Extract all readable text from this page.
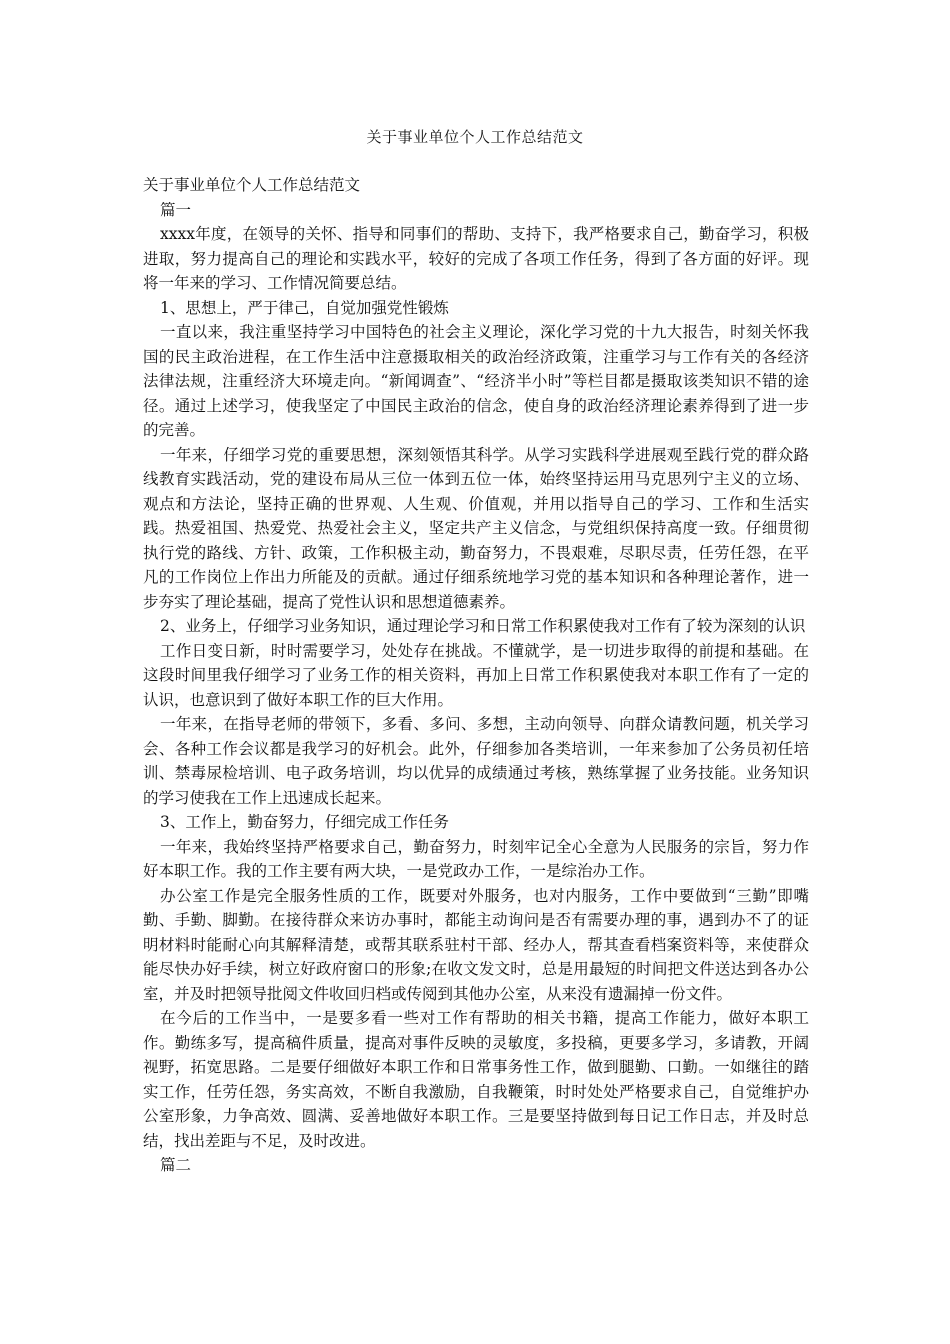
关于事业单位个人工作总结范文

关于事业单位个人工作总结范文

篇一

xxxx年度，在领导的关怀、指导和同事们的帮助、支持下，我严格要求自己，勤奋学习，积极进取，努力提高自己的理论和实践水平，较好的完成了各项工作任务，得到了各方面的好评。现将一年来的学习、工作情况简要总结。

1、思想上，严于律己，自觉加强党性锻炼

一直以来，我注重坚持学习中国特色的社会主义理论，深化学习党的十九大报告，时刻关怀我国的民主政治进程，在工作生活中注意摄取相关的政治经济政策，注重学习与工作有关的各经济法律法规，注重经济大环境走向。“新闻调查”、“经济半小时”等栏目都是摄取该类知识不错的途径。通过上述学习，使我坚定了中国民主政治的信念，使自身的政治经济理论素养得到了进一步的完善。

一年来，仔细学习党的重要思想，深刻领悟其科学。从学习实践科学进展观至践行党的群众路线教育实践活动，党的建设布局从三位一体到五位一体，始终坚持运用马克思列宁主义的立场、观点和方法论，坚持正确的世界观、人生观、价值观，并用以指导自己的学习、工作和生活实践。热爱祖国、热爱党、热爱社会主义，坚定共产主义信念，与党组织保持高度一致。仔细贯彻执行党的路线、方针、政策，工作积极主动，勤奋努力，不畏艰难，尽职尽责，任劳任怨，在平凡的工作岗位上作出力所能及的贡献。通过仔细系统地学习党的基本知识和各种理论著作，进一步夯实了理论基础，提高了党性认识和思想道德素养。

2、业务上，仔细学习业务知识，通过理论学习和日常工作积累使我对工作有了较为深刻的认识

工作日变日新，时时需要学习，处处存在挑战。不懂就学，是一切进步取得的前提和基础。在这段时间里我仔细学习了业务工作的相关资料，再加上日常工作积累使我对本职工作有了一定的认识，也意识到了做好本职工作的巨大作用。

一年来，在指导老师的带领下，多看、多问、多想，主动向领导、向群众请教问题，机关学习会、各种工作会议都是我学习的好机会。此外，仔细参加各类培训，一年来参加了公务员初任培训、禁毒尿检培训、电子政务培训，均以优异的成绩通过考核，熟练掌握了业务技能。业务知识的学习使我在工作上迅速成长起来。

3、工作上，勤奋努力，仔细完成工作任务

一年来，我始终坚持严格要求自己，勤奋努力，时刻牢记全心全意为人民服务的宗旨，努力作好本职工作。我的工作主要有两大块，一是党政办工作，一是综治办工作。

办公室工作是完全服务性质的工作，既要对外服务，也对内服务，工作中要做到“三勤”即嘴勤、手勤、脚勤。在接待群众来访办事时，都能主动询问是否有需要办理的事，遇到办不了的证明材料时能耐心向其解释清楚，或帮其联系驻村干部、经办人，帮其查看档案资料等，来使群众能尽快办好手续，树立好政府窗口的形象;在收文发文时，总是用最短的时间把文件送达到各办公室，并及时把领导批阅文件收回归档或传阅到其他办公室，从来没有遗漏掉一份文件。

在今后的工作当中，一是要多看一些对工作有帮助的相关书籍，提高工作能力，做好本职工作。勤练多写，提高稿件质量，提高对事件反映的灵敏度，多投稿，更要多学习，多请教，开阔视野，拓宽思路。二是要仔细做好本职工作和日常事务性工作，做到腿勤、口勤。一如继往的踏实工作，任劳任怨，务实高效，不断自我激励，自我鞭策，时时处处严格要求自己，自觉维护办公室形象，力争高效、圆满、妥善地做好本职工作。三是要坚持做到每日记工作日志，并及时总结，找出差距与不足，及时改进。

篇二
